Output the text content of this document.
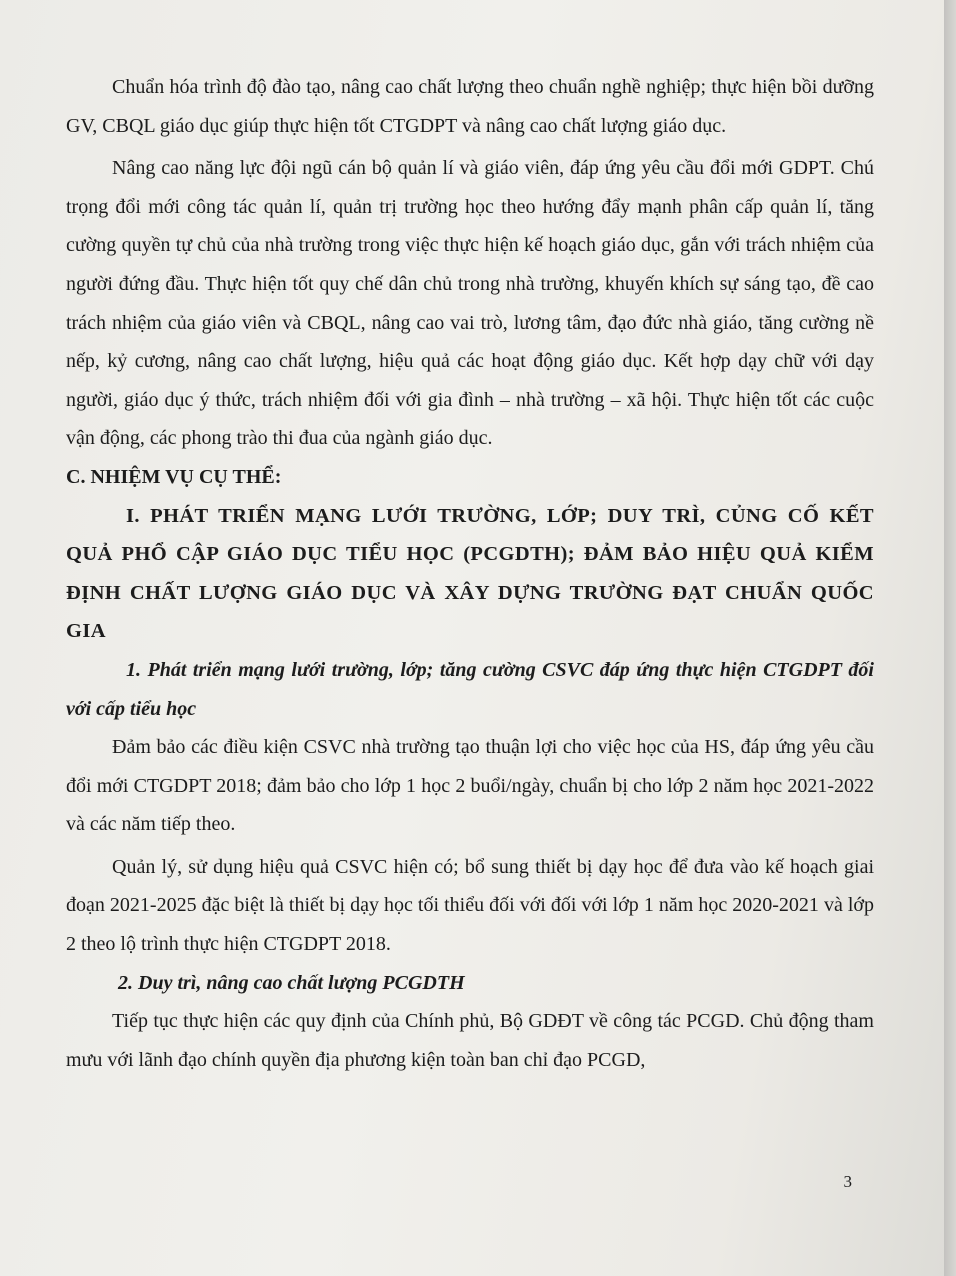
Chuẩn hóa trình độ đào tạo, nâng cao chất lượng theo chuẩn nghề nghiệp; thực hiện bồi dưỡng GV, CBQL giáo dục giúp thực hiện tốt CTGDPT và nâng cao chất lượng giáo dục.

Nâng cao năng lực đội ngũ cán bộ quản lí và giáo viên, đáp ứng yêu cầu đổi mới GDPT. Chú trọng đổi mới công tác quản lí, quản trị trường học theo hướng đẩy mạnh phân cấp quản lí, tăng cường quyền tự chủ của nhà trường trong việc thực hiện kế hoạch giáo dục, gắn với trách nhiệm của người đứng đầu. Thực hiện tốt quy chế dân chủ trong nhà trường, khuyến khích sự sáng tạo, đề cao trách nhiệm của giáo viên và CBQL, nâng cao vai trò, lương tâm, đạo đức nhà giáo, tăng cường nề nếp, kỷ cương, nâng cao chất lượng, hiệu quả các hoạt động giáo dục. Kết hợp dạy chữ với dạy người, giáo dục ý thức, trách nhiệm đối với gia đình – nhà trường – xã hội. Thực hiện tốt các cuộc vận động, các phong trào thi đua của ngành giáo dục.

C. NHIỆM VỤ CỤ THỂ:

I. PHÁT TRIỂN MẠNG LƯỚI TRƯỜNG, LỚP; DUY TRÌ, CỦNG CỐ KẾT QUẢ PHỔ CẬP GIÁO DỤC TIỂU HỌC (PCGDTH); ĐẢM BẢO HIỆU QUẢ KIỂM ĐỊNH CHẤT LƯỢNG GIÁO DỤC VÀ XÂY DỰNG TRƯỜNG ĐẠT CHUẨN QUỐC GIA

1. Phát triển mạng lưới trường, lớp; tăng cường CSVC đáp ứng thực hiện CTGDPT đối với cấp tiểu học

Đảm bảo các điều kiện CSVC nhà trường tạo thuận lợi cho việc học của HS, đáp ứng yêu cầu đổi mới CTGDPT 2018; đảm bảo cho lớp 1 học 2 buổi/ngày, chuẩn bị cho lớp 2 năm học 2021-2022 và các năm tiếp theo.

Quản lý, sử dụng hiệu quả CSVC hiện có; bổ sung thiết bị dạy học để đưa vào kế hoạch giai đoạn 2021-2025 đặc biệt là thiết bị dạy học tối thiểu đối với đối với lớp 1 năm học 2020-2021 và lớp 2 theo lộ trình thực hiện CTGDPT 2018.

2. Duy trì, nâng cao chất lượng PCGDTH

Tiếp tục thực hiện các quy định của Chính phủ, Bộ GDĐT về công tác PCGD. Chủ động tham mưu với lãnh đạo chính quyền địa phương kiện toàn ban chỉ đạo PCGD,

3
